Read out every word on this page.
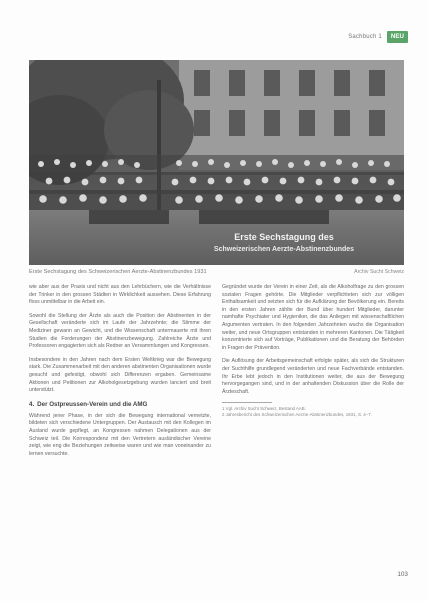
Sachbuch 1	NEU
Erste Sechstagung des
Schweizerischen Aerzte-Abstinenzbundes
Erste Sechstagung des Schweizerischen Aerzte-Abstinenzbundes 1931	Archiv Sucht Schweiz

wie aber aus der Praxis und nicht aus den Lehrbüchern, wie die Verhältnisse der Trinker in den grossen Städten in Wirklichkeit aussehen. Diese Erfahrung floss unmittelbar in die Arbeit ein.

Sowohl die Stellung der Ärzte als auch die Position der Abstinenten in der Gesellschaft veränderte sich im Laufe der Jahrzehnte; die Stimme der Mediziner gewann an Gewicht, und die Wissenschaft untermauerte mit ihren Studien die Forderungen der Abstinenzbewegung. Zahlreiche Ärzte und Professoren engagierten sich als Redner an Versammlungen und Kongressen.

Insbesondere in den Jahren nach dem Ersten Weltkrieg war die Bewegung stark. Die Zusammenarbeit mit den anderen abstinenten Organisationen wurde gesucht und gefestigt, obwohl sich Differenzen ergaben. Gemeinsame Aktionen und Petitionen zur Alkoholgesetzgebung wurden lanciert und breit unterstützt.

4. Der Ostpreussen-Verein und die AMG

Während jener Phase, in der sich die Bewegung international vernetzte, bildeten sich verschiedene Untergruppen. Der Austausch mit den Kollegen im Ausland wurde gepflegt, an Kongressen nahmen Delegationen aus der Schweiz teil. Die Korrespondenz mit den Vertretern ausländischer Vereine zeigt, wie eng die Beziehungen zeitweise waren und wie man voneinander zu lernen versuchte.

Gegründet wurde der Verein in einer Zeit, als die Alkoholfrage zu den grossen sozialen Fragen gehörte. Die Mitglieder verpflichteten sich zur völligen Enthaltsamkeit und setzten sich für die Aufklärung der Bevölkerung ein. Bereits in den ersten Jahren zählte der Bund über hundert Mitglieder, darunter namhafte Psychiater und Hygieniker, die das Anliegen mit wissenschaftlichen Argumenten vertraten. In den folgenden Jahrzehnten wuchs die Organisation weiter, und neue Ortsgruppen entstanden in mehreren Kantonen. Die Tätigkeit konzentrierte sich auf Vorträge, Publikationen und die Beratung der Behörden in Fragen der Prävention.

Die Auflösung der Arbeitsgemeinschaft erfolgte später, als sich die Strukturen der Suchthilfe grundlegend veränderten und neue Fachverbände entstanden. Ihr Erbe lebt jedoch in den Institutionen weiter, die aus der Bewegung hervorgegangen sind, und in der anhaltenden Diskussion über die Rolle der Ärzteschaft.

1 Vgl. Archiv Sucht Schweiz, Bestand AAB.

2 Jahresbericht des Schweizerischen Aerzte-Abstinenzbundes, 1931, S. 4–7.

103
